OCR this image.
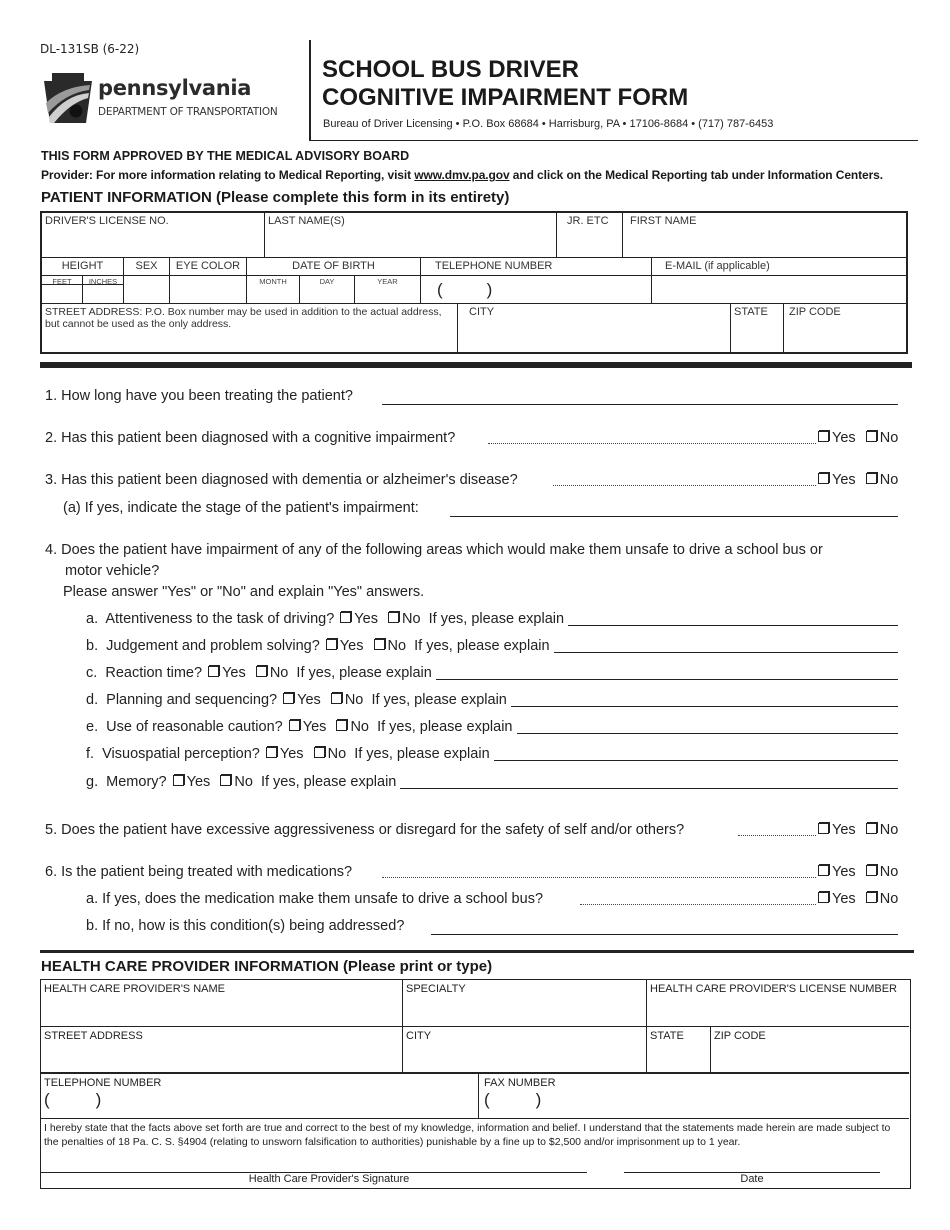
DL-131SB (6-22)
pennsylvania
DEPARTMENT OF TRANSPORTATION
SCHOOL BUS DRIVER
COGNITIVE IMPAIRMENT FORM
Bureau of Driver Licensing • P.O. Box 68684 • Harrisburg, PA • 17106-8684 • (717) 787-6453
THIS FORM APPROVED BY THE MEDICAL ADVISORY BOARD
Provider: For more information relating to Medical Reporting, visit www.dmv.pa.gov and click on the Medical Reporting tab under Information Centers.
PATIENT INFORMATION (Please complete this form in its entirety)
DRIVER'S LICENSE NO.	LAST NAME(S)	JR. ETC	FIRST NAME
HEIGHT	SEX	EYE COLOR	DATE OF BIRTH	TELEPHONE NUMBER	E-MAIL (if applicable)
FEET	INCHES	MONTH	DAY	YEAR	(	)
STREET ADDRESS: P.O. Box number may be used in addition to the actual address, but cannot be used as the only address.
CITY	STATE	ZIP CODE
1. How long have you been treating the patient?
2. Has this patient been diagnosed with a cognitive impairment?	Yes No
3. Has this patient been diagnosed with dementia or alzheimer's disease?	Yes No
(a) If yes, indicate the stage of the patient's impairment:
4. Does the patient have impairment of any of the following areas which would make them unsafe to drive a school bus or
motor vehicle?
Please answer "Yes" or "No" and explain "Yes" answers.
a. Attentiveness to the task of driving? Yes No If yes, please explain
b. Judgement and problem solving? Yes No If yes, please explain
c. Reaction time? Yes No If yes, please explain
d. Planning and sequencing? Yes No If yes, please explain
e. Use of reasonable caution? Yes No If yes, please explain
f. Visuospatial perception? Yes No If yes, please explain
g. Memory? Yes No If yes, please explain
5. Does the patient have excessive aggressiveness or disregard for the safety of self and/or others?	Yes No
6. Is the patient being treated with medications?	Yes No
a. If yes, does the medication make them unsafe to drive a school bus?	Yes No
b. If no, how is this condition(s) being addressed?
HEALTH CARE PROVIDER INFORMATION (Please print or type)
HEALTH CARE PROVIDER'S NAME	SPECIALTY	HEALTH CARE PROVIDER'S LICENSE NUMBER
STREET ADDRESS	CITY	STATE	ZIP CODE
TELEPHONE NUMBER
(	)
FAX NUMBER
(	)
I hereby state that the facts above set forth are true and correct to the best of my knowledge, information and belief. I understand that the statements made herein are made subject to the penalties of 18 Pa. C. S. §4904 (relating to unsworn falsification to authorities) punishable by a fine up to $2,500 and/or imprisonment up to 1 year.
Health Care Provider's Signature	Date
